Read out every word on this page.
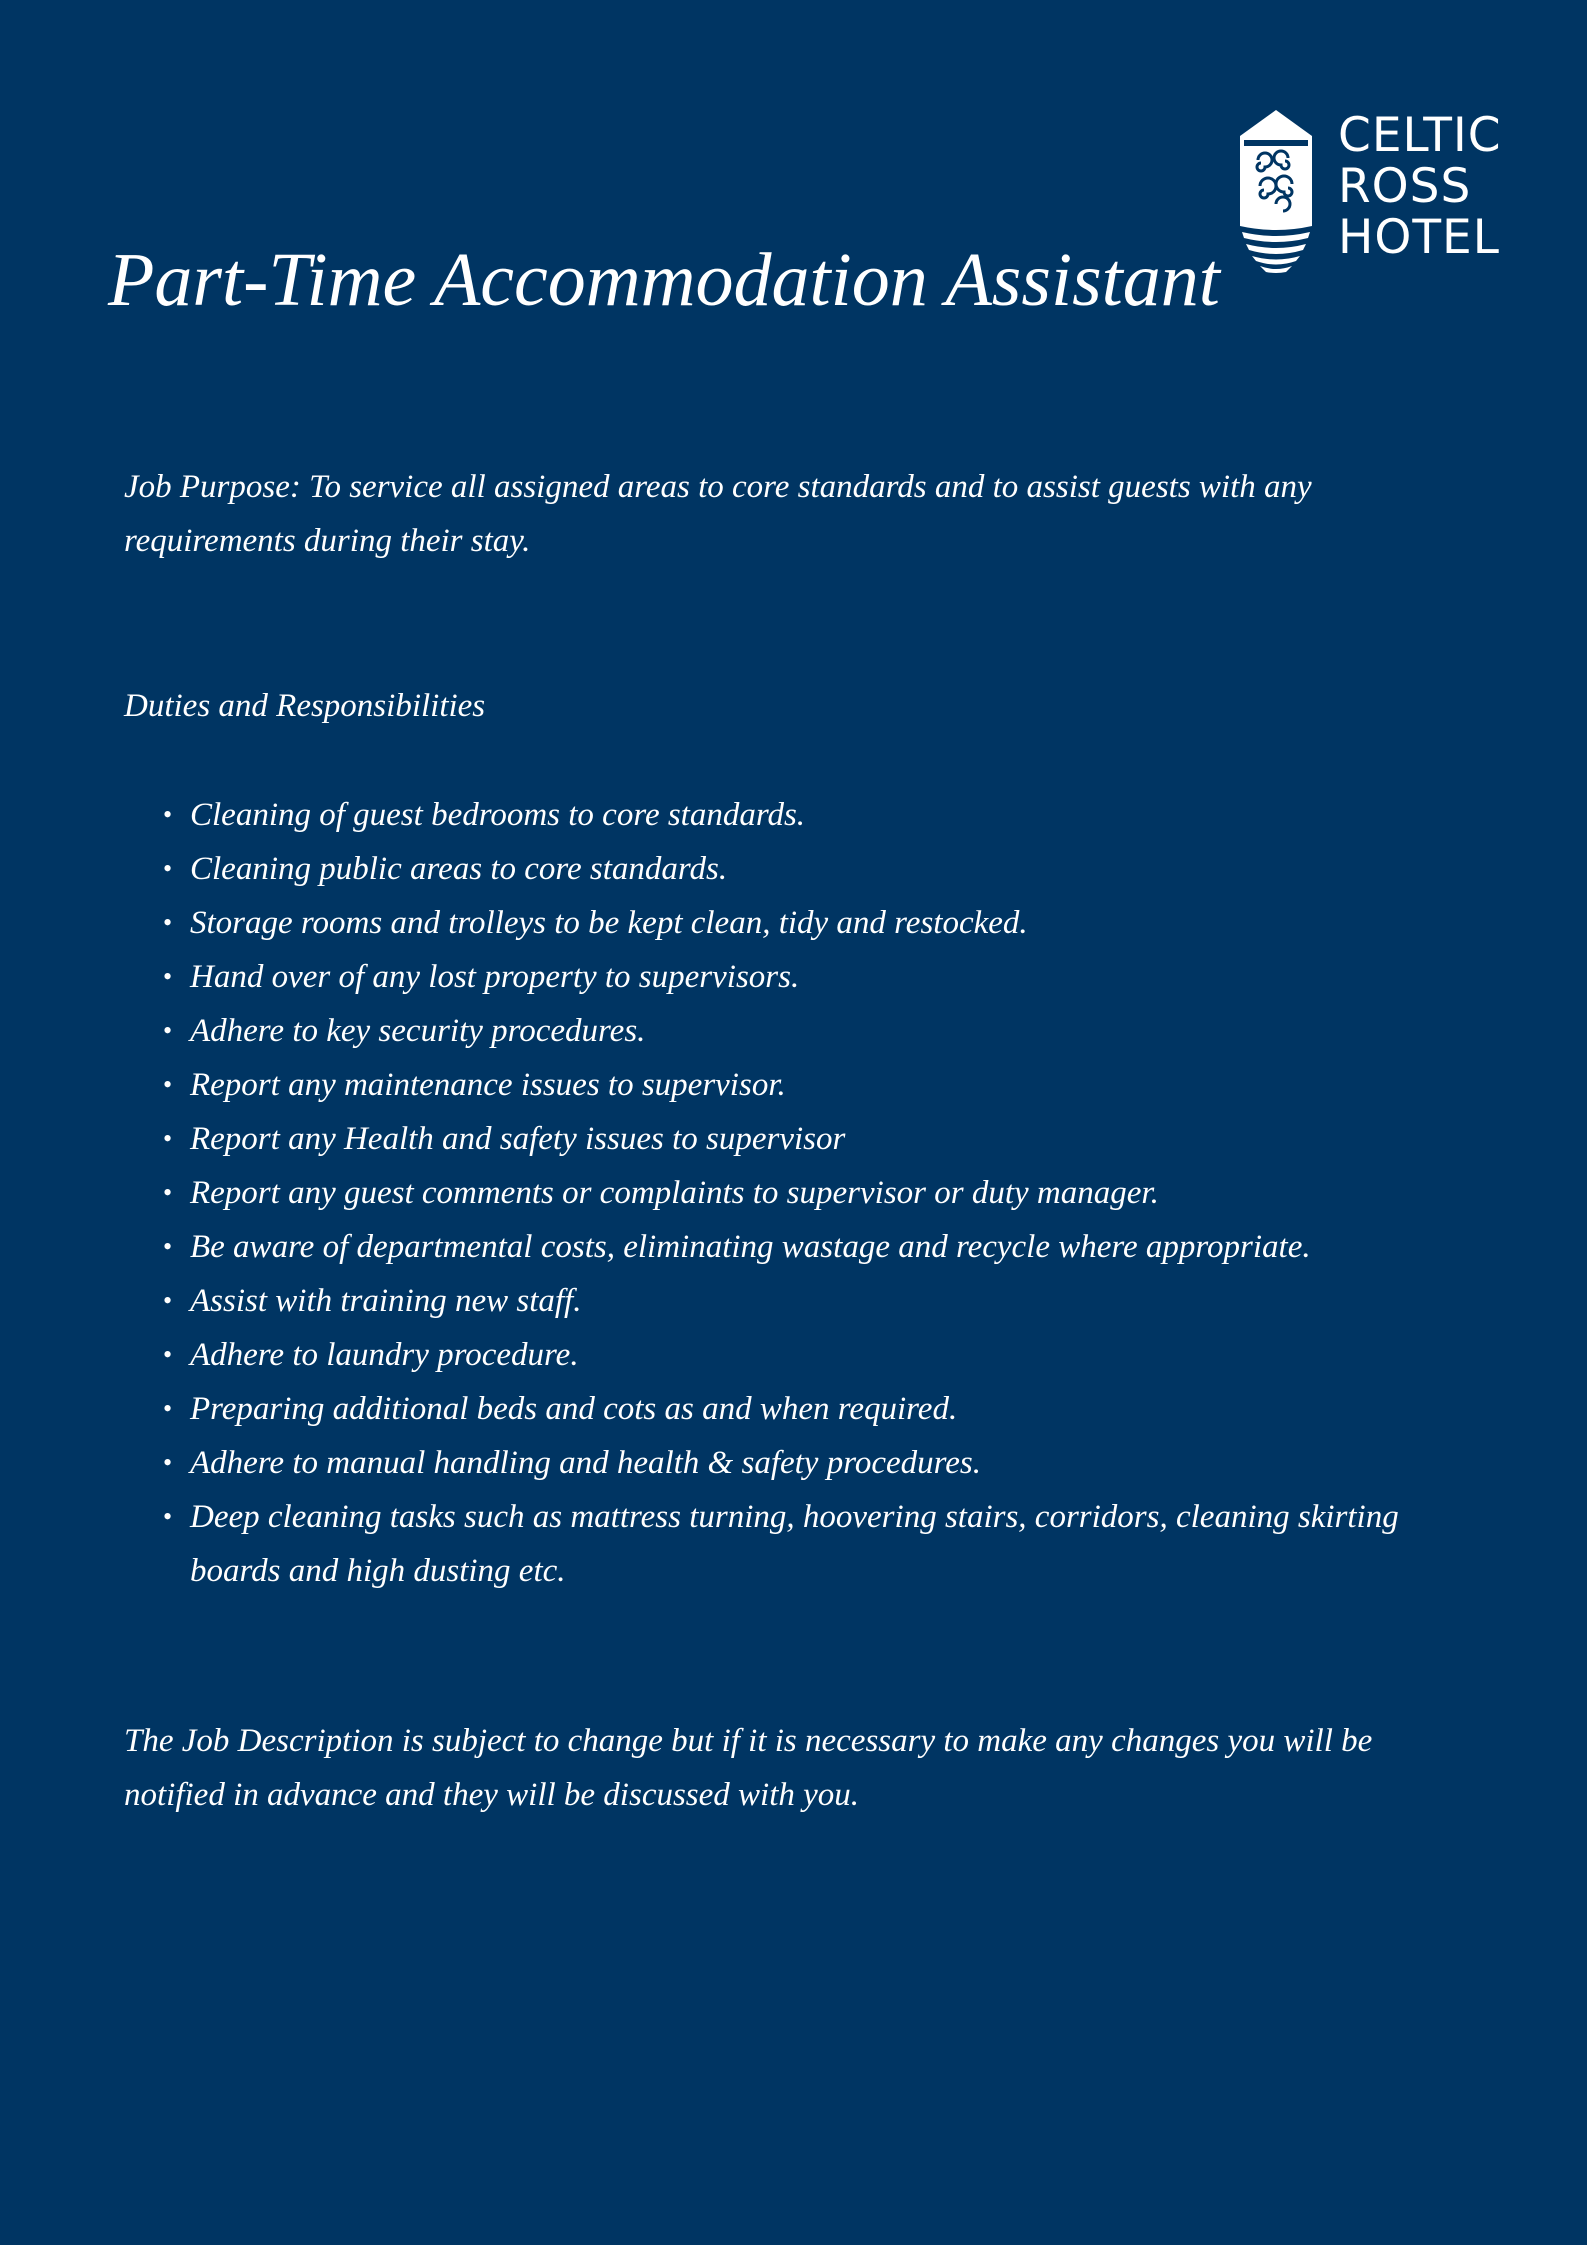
CELTIC
ROSS
HOTEL
Part-Time Accommodation Assistant

Job Purpose: To service all assigned areas to core standards and to assist guests with any requirements during their stay.

Duties and Responsibilities
• Cleaning of guest bedrooms to core standards.
• Cleaning public areas to core standards.
• Storage rooms and trolleys to be kept clean, tidy and restocked.
• Hand over of any lost property to supervisors.
• Adhere to key security procedures.
• Report any maintenance issues to supervisor.
• Report any Health and safety issues to supervisor
• Report any guest comments or complaints to supervisor or duty manager.
• Be aware of departmental costs, eliminating wastage and recycle where appropriate.
• Assist with training new staff.
• Adhere to laundry procedure.
• Preparing additional beds and cots as and when required.
• Adhere to manual handling and health & safety procedures.
• Deep cleaning tasks such as mattress turning, hoovering stairs, corridors, cleaning skirting boards and high dusting etc.

The Job Description is subject to change but if it is necessary to make any changes you will be notified in advance and they will be discussed with you.
